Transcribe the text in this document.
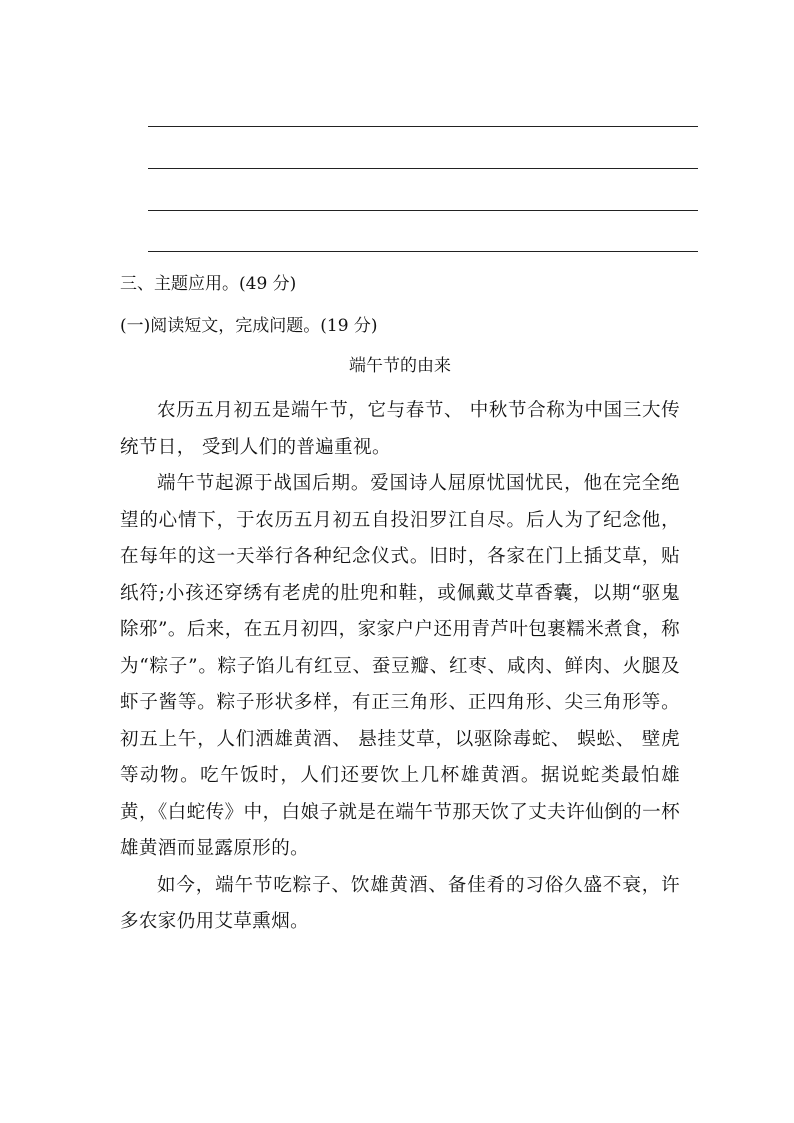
三、主题应用。(49 分)
(一)阅读短文，完成问题。(19 分)
端午节的由来

农历五月初五是端午节，它与春节、 中秋节合称为中国三大传统节日， 受到人们的普遍重视。

端午节起源于战国后期。爱国诗人屈原忧国忧民，他在完全绝望的心情下，于农历五月初五自投汨罗江自尽。后人为了纪念他，在每年的这一天举行各种纪念仪式。旧时，各家在门上插艾草，贴纸符;小孩还穿绣有老虎的肚兜和鞋，或佩戴艾草香囊，以期“驱鬼除邪”。后来，在五月初四，家家户户还用青芦叶包裹糯米煮食，称为“粽子”。粽子馅儿有红豆、蚕豆瓣、红枣、咸肉、鲜肉、火腿及虾子酱等。粽子形状多样，有正三角形、正四角形、尖三角形等。初五上午，人们洒雄黄酒、 悬挂艾草，以驱除毒蛇、 蜈蚣、 壁虎等动物。吃午饭时，人们还要饮上几杯雄黄酒。据说蛇类最怕雄黄，《白蛇传》中，白娘子就是在端午节那天饮了丈夫许仙倒的一杯雄黄酒而显露原形的。

如今，端午节吃粽子、饮雄黄酒、备佳肴的习俗久盛不衰，许多农家仍用艾草熏烟。
